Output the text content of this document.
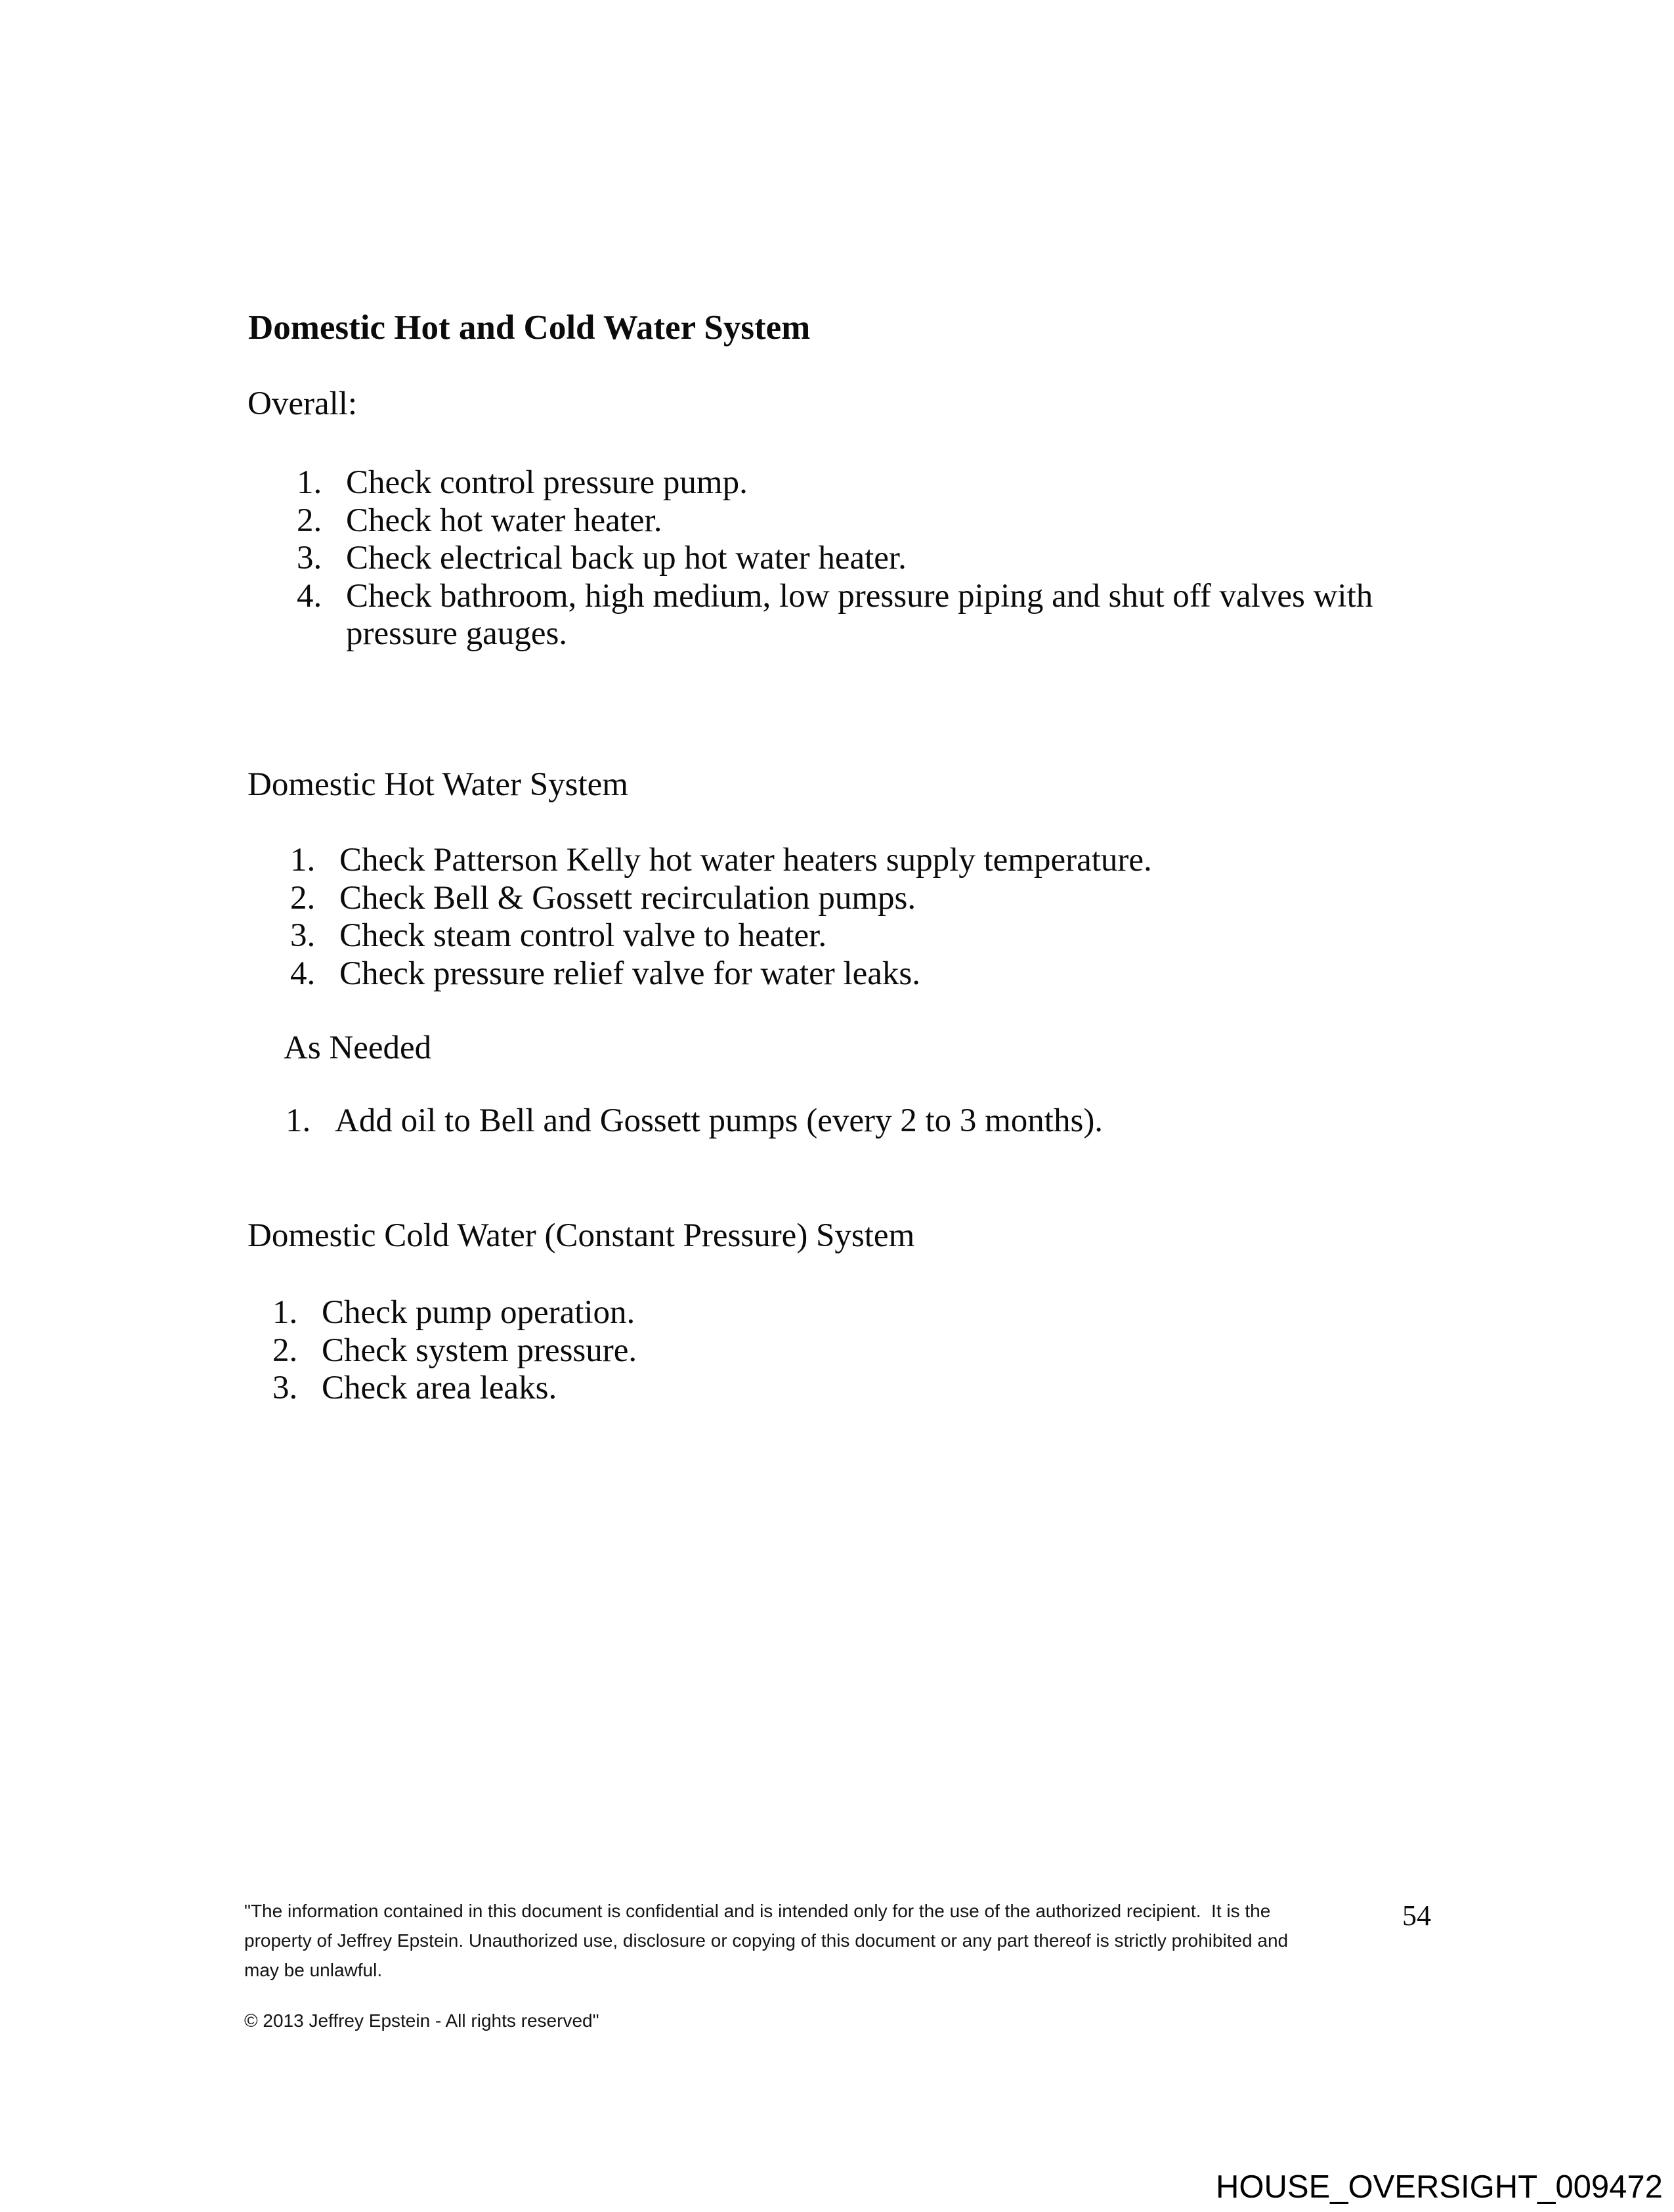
Domestic Hot and Cold Water System
Overall:
Check control pressure pump.
Check hot water heater.
Check electrical back up hot water heater.
Check bathroom, high medium, low pressure piping and shut off valves with pressure gauges.
Domestic Hot Water System
Check Patterson Kelly hot water heaters supply temperature.
Check Bell & Gossett recirculation pumps.
Check steam control valve to heater.
Check pressure relief valve for water leaks.
As Needed
Add oil to Bell and Gossett pumps (every 2 to 3 months).
Domestic Cold Water (Constant Pressure) System
Check pump operation.
Check system pressure.
Check area leaks.
"The information contained in this document is confidential and is intended only for the use of the authorized recipient.  It is the
property of Jeffrey Epstein. Unauthorized use, disclosure or copying of this document or any part thereof is strictly prohibited and
may be unlawful.
54
© 2013 Jeffrey Epstein - All rights reserved"
HOUSE_OVERSIGHT_009472
